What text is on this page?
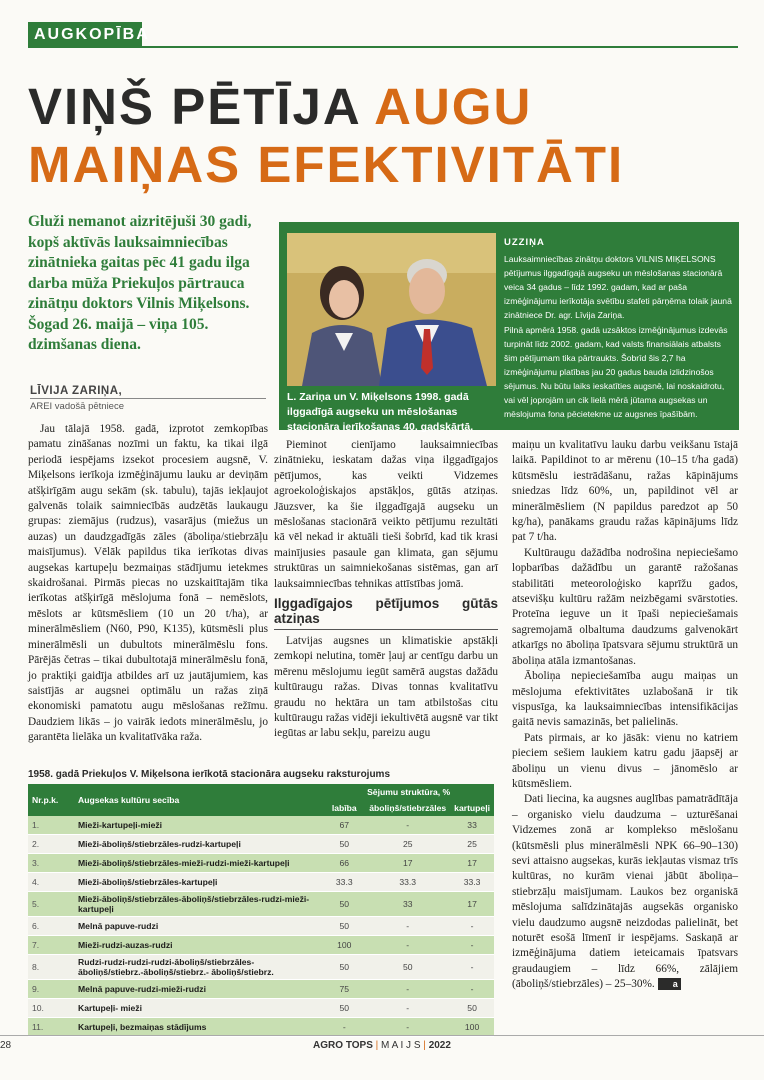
AUGKOPĪBA
VIŅŠ PĒTĪJA AUGU MAIŅAS EFEKTIVITĀTI
Gluži nemanot aizritējuši 30 gadi, kopš aktīvās lauksaimniecības zinātnieka gaitas pēc 41 gadu ilga darba mūža Priekuļos pārtrauca zinātņu doktors Vilnis Miķelsons. Šogad 26. maijā – viņa 105. dzimšanas diena.
LĪVIJA ZARIŅA,
AREI vadošā pētniece
L. Zariņa un V. Miķelsons 1998. gadā ilggadīgā augseku un mēslošanas stacionāra ierīkošanas 40. gadskārtā.
UZZIŅA

Lauksaimniecības zinātņu doktors VILNIS MIĶELSONS pētījumus ilggadīgajā augseku un mēslošanas stacionārā veica 34 gadus – līdz 1992. gadam, kad ar paša izmēģinājumu ierīkotāja svētību stafeti pārņēma tolaik jaunā zinātniece Dr. agr. Līvija Zariņa.

Pilnā apmērā 1958. gadā uzsāktos izmēģinājumus izdevās turpināt līdz 2002. gadam, kad valsts finansiālais atbalsts šim pētījumam tika pārtraukts. Šobrīd šis 2,7 ha izmēģinājumu platības jau 20 gadus bauda izlidzinošos sējumus. Nu būtu laiks ieskatīties augsnē, lai noskaidrotu, vai vēl joprojām un cik lielā mērā jūtama augsekas un mēslojuma fona pēcietekme uz augsnes īpašībām.

Jau tālajā 1958. gadā, izprotot zemkopības pamatu zināšanas nozīmi un faktu, ka tikai ilgā periodā iespējams izsekot procesiem augsnē, V. Miķelsons ierīkoja izmēģinājumu lauku ar deviņām atšķirīgām augu sekām (sk. tabulu), tajās iekļaujot galvenās tolaik saimniecībās audzētās laukaugu grupas: ziemājus (rudzus), vasarājus (miežus un auzas) un daudzgadīgās zāles (āboliņa/stiebrzāļu maisījumus). Vēlāk papildus tika ierīkotas divas augsekas kartupeļu bezmaiņas stādījumu ietekmes skaidrošanai. Pirmās piecas no uzskaitītajām tika ierīkotas atšķirīgā mēslojuma fonā – nemēslots, mēslots ar kūtsmēsliem (10 un 20 t/ha), ar minerālmēsliem (N60, P90, K135), kūtsmēsli plus minerālmēsli un dubultots minerālmēslu fons. Pārējās četras – tikai dubultotajā minerālmēslu fonā, jo praktiķi gaidīja atbildes arī uz jautājumiem, kas saistījās ar augsnei optimālu un ražas ziņā ekonomiski pamatotu augu mēslošanas režīmu. Daudziem likās – jo vairāk iedots minerālmēslu, jo garantēta lielāka un kvalitatīvāka raža.

Pieminot cienījamo lauksaimniecības zinātnieku, ieskatam dažas viņa ilggadīgajos pētījumos, kas veikti Vidzemes agroekoloģiskajos apstākļos, gūtās atziņas. Jāuzsver, ka šie ilggadīgajā augseku un mēslošanas stacionārā veikto pētījumu rezultāti kā vēl nekad ir aktuāli tieši šobrīd, kad tik krasi mainījusies pasaule gan klimata, gan sējumu struktūras un saimniekošanas sistēmas, gan arī lauksaimniecības tehnikas attīstības jomā.

Ilggadīgajos pētījumos gūtās atziņas

Latvijas augsnes un klimatiskie apstākļi zemkopi nelutina, tomēr ļauj ar centīgu darbu un mērenu mēslojumu iegūt samērā augstas dažādu kultūraugu ražas. Divas tonnas kvalitatīvu graudu no hektāra un tam atbilstošas citu kultūraugu ražas vidēji iekultivētā augsnē var tikt iegūtas ar labu sekļu, pareizu augu

maiņu un kvalitatīvu lauku darbu veikšanu īstajā laikā. Papildinot to ar mērenu (10–15 t/ha gadā) kūtsmēslu iestrādāšanu, ražas kāpinājums sniedzas līdz 60%, un, papildinot vēl ar minerālmēsliem (N papildus paredzot ap 50 kg/ha), panākams graudu ražas kāpinājums līdz pat 7 t/ha.

Kultūraugu dažādība nodrošina nepieciešamo lopbarības dažādību un garantē ražošanas stabilitāti meteoroloģisko kaprīžu gados, atsevišķu kultūru ražām neizbēgami svārstoties. Proteīna ieguve un it īpaši nepieciešamais sagremojamā olbaltuma daudzums galvenokārt atkarīgs no āboliņa īpatsvara sējumu struktūrā un āboliņa atāla izmantošanas.

Āboliņa nepieciešamība augu maiņas un mēslojuma efektivitātes uzlabošanā ir tik vispusīga, ka lauksaimniecības intensifikācijas gaitā nevis samazinās, bet palielinās.

Pats pirmais, ar ko jāsāk: vienu no katriem pieciem sešiem laukiem katru gadu jāapsēj ar āboliņu un vienu divus – jānomēslo ar kūtsmēsliem.

Dati liecina, ka augsnes auglības pamatrādītāja – organisko vielu daudzuma – uzturēšanai Vidzemes zonā ar komplekso mēslošanu (kūtsmēsli plus minerālmēsli NPK 66–90–130) sevi attaisno augsekas, kurās iekļautas vismaz trīs kultūras, no kurām vienai jābūt āboliņa–stiebrzāļu maisījumam. Laukos bez organiskā mēslojuma salīdzinātajās augsekās organisko vielu daudzumo augsnē neizdodas palielināt, bet noturēt esošā līmenī ir iespējams. Saskaņā ar izmēģinājuma datiem ieteicamais īpatsvars graudaugiem – līdz 66%, zālājiem (āboliņš/stiebrzāles) – 25–30%. a

1958. gadā Priekuļos V. Miķelsona ierīkotā stacionāra augseku raksturojums
Nr.p.k.	Augsekas kultūru secība	Sējumu struktūra, %		
		labība	āboliņš/stiebrzāles	kartupeļi
1.	Mieži-kartupeļi-mieži	67	-	33
2.	Mieži-āboliņš/stiebrzāles-rudzi-kartupeļi	50	25	25
3.	Mieži-āboliņš/stiebrzāles-mieži-rudzi-mieži-kartupeļi	66	17	17
4.	Mieži-āboliņš/stiebrzāles-kartupeļi	33.3	33.3	33.3
5.	Mieži-āboliņš/stiebrzāles-āboliņš/stiebrzāles-rudzi-mieži-kartupeļi	50	33	17
6.	Melnā papuve-rudzi	50	-	-
7.	Mieži-rudzi-auzas-rudzi	100	-	-
8.	Rudzi-rudzi-rudzi-rudzi-āboliņš/stiebrzāles- āboliņš/stiebrz.-āboliņš/stiebrz.- āboliņš/stiebrz.	50	50	-
9.	Melnā papuve-rudzi-mieži-rudzi	75	-	-
10.	Kartupeļi- mieži	50	-	50
11.	Kartupeļi, bezmaiņas stādījums	-	-	100
28	AGRO TOPS | M A I J S | 2022
